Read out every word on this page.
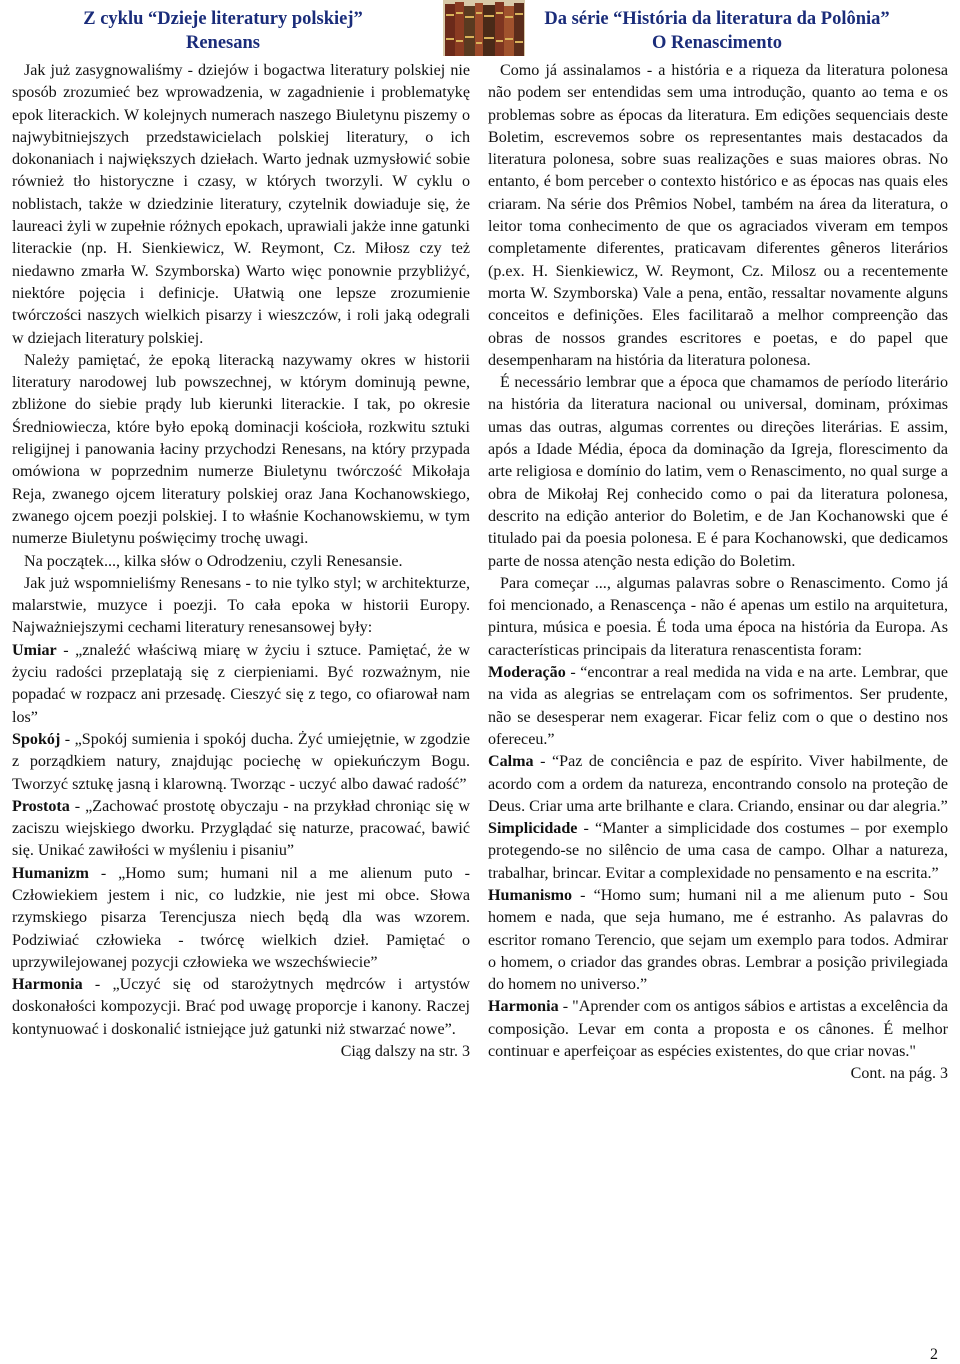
Z cyklu “Dzieje literatury polskiej”
Renesans
Da série “História da literatura da Polônia”
O Renascimento

Jak już zasygnowaliśmy - dziejów i bogactwa literatury polskiej nie sposób zrozumieć bez wprowadzenia, w zagadnienie i problematykę epok literackich. W kolejnych numerach naszego Biuletynu piszemy o najwybitniejszych przedstawicielach polskiej literatury, o ich dokonaniach i największych dziełach. Warto jednak uzmysłowić sobie również tło historyczne i czasy, w których tworzyli. W cyklu o noblistach, także w dziedzinie literatury, czytelnik dowiaduje się, że laureaci żyli w zupełnie różnych epokach, uprawiali jakże inne gatunki literackie (np. H. Sienkiewicz, W. Reymont, Cz. Miłosz czy też niedawno zmarła W. Szymborska) Warto więc ponownie przybliżyć, niektóre pojęcia i definicje. Ułatwią one lepsze zrozumienie twórczości naszych wielkich pisarzy i wieszczów, i roli jaką odegrali w dziejach literatury polskiej.

Należy pamiętać, że epoką literacką nazywamy okres w historii literatury narodowej lub powszechnej, w którym dominują pewne, zbliżone do siebie prądy lub kierunki literackie. I tak, po okresie Średniowiecza, które było epoką dominacji kościoła, rozkwitu sztuki religijnej i panowania łaciny przychodzi Renesans, na który przypada omówiona w poprzednim numerze Biuletynu twórczość Mikołaja Reja, zwanego ojcem literatury polskiej oraz Jana Kochanowskiego, zwanego ojcem poezji polskiej. I to właśnie Kochanowskiemu, w tym numerze Biuletynu poświęcimy trochę uwagi.

Na początek..., kilka słów o Odrodzeniu, czyli Renesansie.

Jak już wspomnieliśmy Renesans - to nie tylko styl; w architekturze, malarstwie, muzyce i poezji. To cała epoka w historii Europy. Najważniejszymi cechami literatury renesansowej były:

Umiar - „znaleźć właściwą miarę w życiu i sztuce. Pamiętać, że w życiu radości przeplatają się z cierpieniami. Być rozważnym, nie popadać w rozpacz ani przesadę. Cieszyć się z tego, co ofiarował nam los”

Spokój - „Spokój sumienia i spokój ducha. Żyć umiejętnie, w zgodzie z porządkiem natury, znajdując pociechę w opiekuńczym Bogu. Tworzyć sztukę jasną i klarowną. Tworząc - uczyć albo dawać radość”

Prostota - „Zachować prostotę obyczaju - na przykład chroniąc się w zaciszu wiejskiego dworku. Przyglądać się naturze, pracować, bawić się. Unikać zawiłości w myśleniu i pisaniu”

Humanizm - „Homo sum; humani nil a me alienum puto - Człowiekiem jestem i nic, co ludzkie, nie jest mi obce. Słowa rzymskiego pisarza Terencjusza niech będą dla was wzorem. Podziwiać człowieka - twórcę wielkich dzieł. Pamiętać o uprzywilejowanej pozycji człowieka we wszechświecie”

Harmonia - „Uczyć się od starożytnych mędrców i artystów doskonałości kompozycji. Brać pod uwagę proporcje i kanony. Raczej kontynuować i doskonalić istniejące już gatunki niż stwarzać nowe”.

Ciąg dalszy na str. 3

Como já assinalamos - a história e a riqueza da literatura polonesa não podem ser entendidas sem uma introdução, quanto ao tema e os problemas sobre as épocas da literatura. Em edições sequenciais deste Boletim, escrevemos sobre os representantes mais destacados da literatura polonesa, sobre suas realizações e suas maiores obras. No entanto, é bom perceber o contexto histórico e as épocas nas quais eles criaram. Na série dos Prêmios Nobel, também na área da literatura, o leitor toma conhecimento de que os agraciados viveram em tempos completamente diferentes, praticavam diferentes gêneros literários (p.ex. H. Sienkiewicz, W. Reymont, Cz. Milosz ou a recentemente morta W. Szymborska) Vale a pena, então, ressaltar novamente alguns conceitos e definições. Eles facilitaraõ a melhor compreenção das obras de nossos grandes escritores e poetas, e do papel que desempenharam na história da literatura polonesa.

É necessário lembrar que a época que chamamos de período literário na história da literatura nacional ou universal, dominam, próximas umas das outras, algumas correntes ou direções literárias. E assim, após a Idade Média, época da dominação da Igreja, florescimento da arte religiosa e domínio do latim, vem o Renascimento, no qual surge a obra de Mikołaj Rej conhecido como o pai da literatura polonesa, descrito na edição anterior do Boletim, e de Jan Kochanowski que é titulado pai da poesia polonesa. E é para Kochanowski, que dedicamos parte de nossa atenção nesta edição do Boletim.

Para começar ..., algumas palavras sobre o Renascimento. Como já foi mencionado, a Renascença - não é apenas um estilo na arquitetura, pintura, música e poesia. É toda uma época na história da Europa. As características principais da literatura renascentista foram:

Moderação - “encontrar a real medida na vida e na arte. Lembrar, que na vida as alegrias se entrelaçam com os sofrimentos. Ser prudente, não se desesperar nem exagerar. Ficar feliz com o que o destino nos ofereceu.”

Calma - “Paz de conciência e paz de espírito. Viver habilmente, de acordo com a ordem da natureza, encontrando consolo na proteção de Deus. Criar uma arte brilhante e clara. Criando, ensinar ou dar alegria.”

Simplicidade - “Manter a simplicidade dos costumes – por exemplo protegendo-se no silêncio de uma casa de campo. Olhar a natureza, trabalhar, brincar. Evitar a complexidade no pensamento e na escrita.”

Humanismo - “Homo sum; humani nil a me alienum puto - Sou homem e nada, que seja humano, me é estranho. As palavras do escritor romano Terencio, que sejam um exemplo para todos. Admirar o homem, o criador das grandes obras. Lembrar a posição privilegiada do homem no universo.”

Harmonia - "Aprender com os antigos sábios e artistas a excelência da composição. Levar em conta a proposta e os cânones. É melhor continuar e aperfeiçoar as espécies existentes, do que criar novas."

Cont. na pág. 3

2
